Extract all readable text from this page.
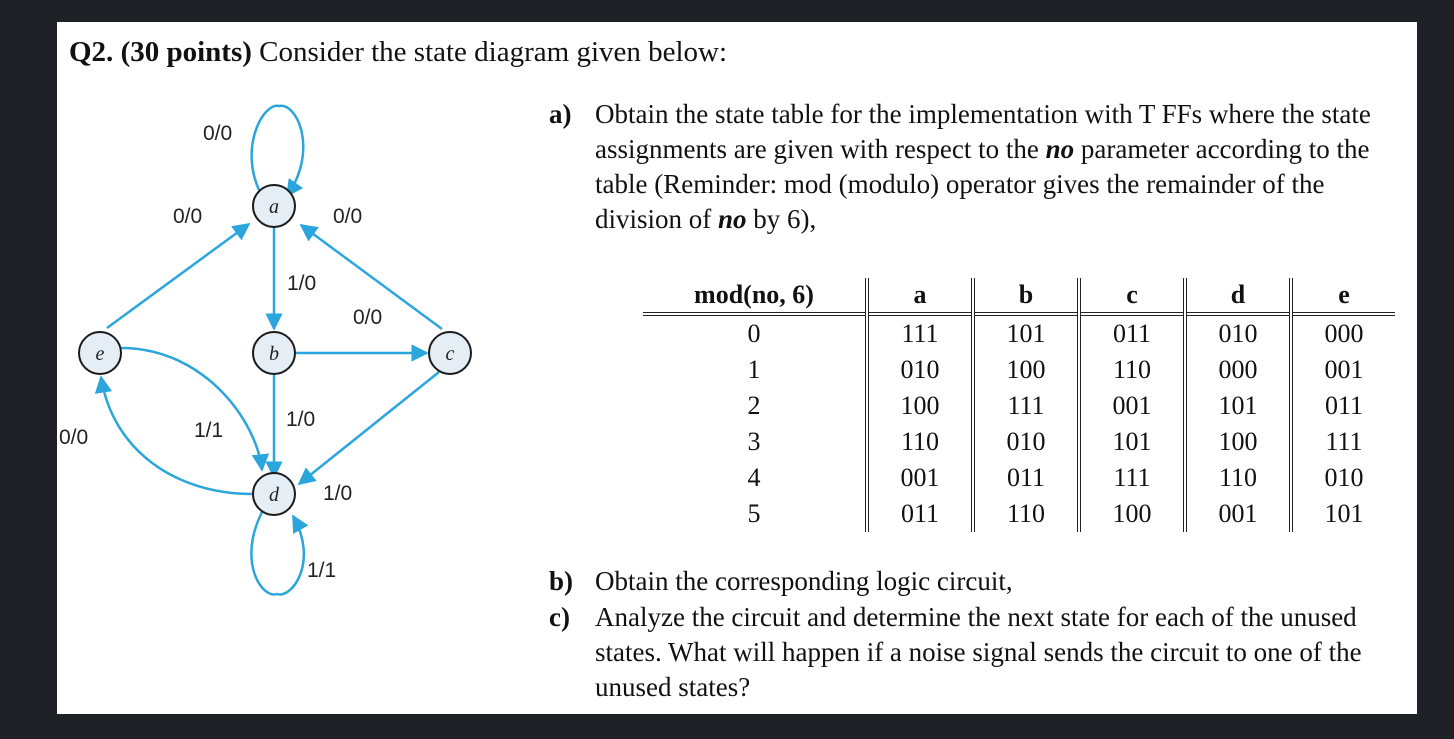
Q2. (30 points) Consider the state diagram given below:
a
b	c
d
e
0/0
0/0	0/0
1/0
0/0
1/0
1/1
0/0
1/0
1/1
a) Obtain the state table for the implementation with T FFs where the state assignments are given with respect to the no parameter according to the table (Reminder: mod (modulo) operator gives the remainder of the division of no by 6),
mod(no, 6)	a	b	c	d	e
0	111	101	011	010	000
1	010	100	110	000	001
2	100	111	001	101	011
3	110	010	101	100	111
4	001	011	111	110	010
5	011	110	100	001	101
b) Obtain the corresponding logic circuit,
c) Analyze the circuit and determine the next state for each of the unused states. What will happen if a noise signal sends the circuit to one of the unused states?
